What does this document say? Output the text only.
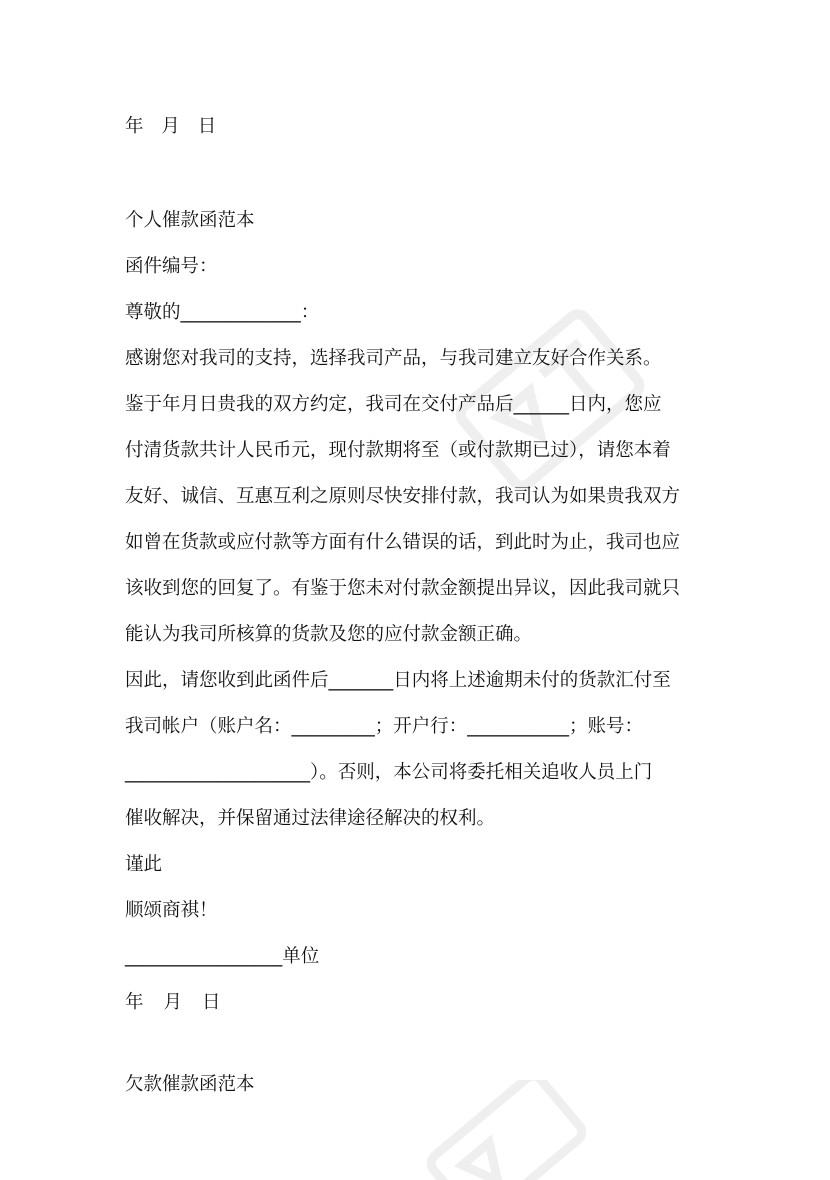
年 月 日
个人催款函范本
函件编号：
尊敬的_____________：
感谢您对我司的支持，选择我司产品，与我司建立友好合作关系。
鉴于年月日贵我的双方约定，我司在交付产品后______日内，您应
付清货款共计人民币元，现付款期将至（或付款期已过），请您本着
友好、诚信、互惠互利之原则尽快安排付款，我司认为如果贵我双方
如曾在货款或应付款等方面有什么错误的话，到此时为止，我司也应
该收到您的回复了。有鉴于您未对付款金额提出异议，因此我司就只
能认为我司所核算的货款及您的应付款金额正确。
因此，请您收到此函件后_______日内将上述逾期未付的货款汇付至
我司帐户（账户名：_________；开户行：___________；账号：
____________________）。否则，本公司将委托相关追收人员上门
催收解决，并保留通过法律途径解决的权利。
谨此
顺颂商祺！
_________________单位
年 月 日
欠款催款函范本
